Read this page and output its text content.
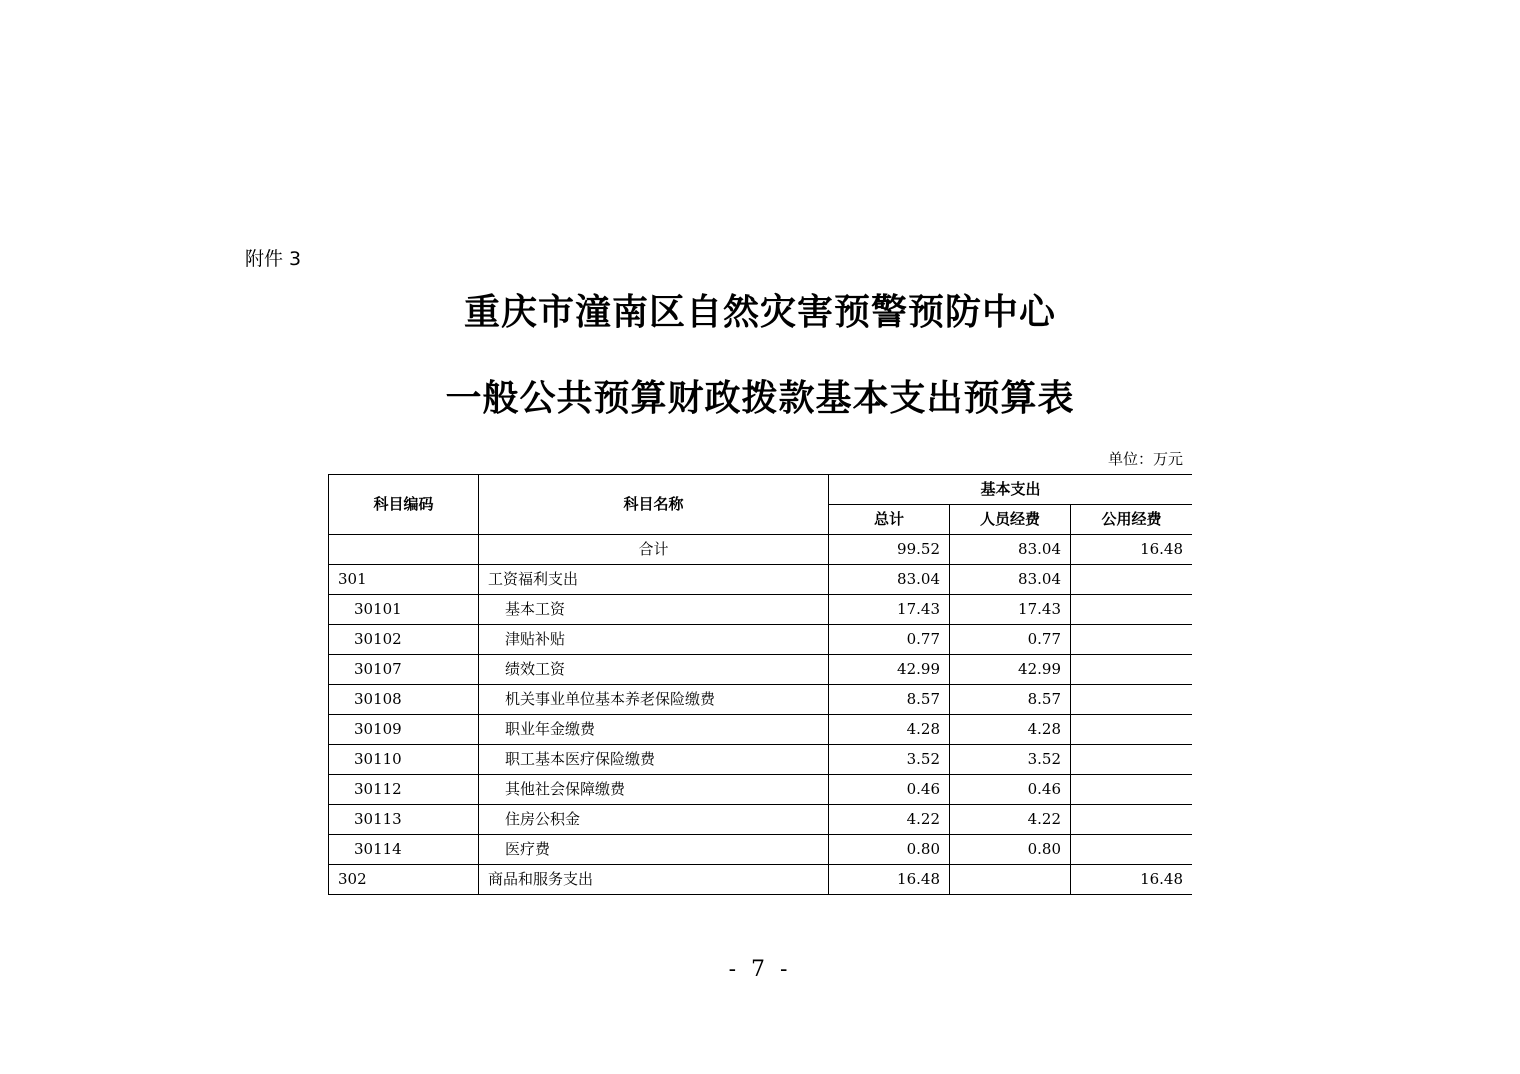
附件 3
重庆市潼南区自然灾害预警预防中心
一般公共预算财政拨款基本支出预算表
单位：万元
科目编码	科目名称	基本支出		
		总计	人员经费	公用经费
	合计	99.52	83.04	16.48
301	工资福利支出	83.04	83.04	
30101	基本工资	17.43	17.43	
30102	津贴补贴	0.77	0.77	
30107	绩效工资	42.99	42.99	
30108	机关事业单位基本养老保险缴费	8.57	8.57	
30109	职业年金缴费	4.28	4.28	
30110	职工基本医疗保险缴费	3.52	3.52	
30112	其他社会保障缴费	0.46	0.46	
30113	住房公积金	4.22	4.22	
30114	医疗费	0.80	0.80	
302	商品和服务支出	16.48		16.48
- 7 -
